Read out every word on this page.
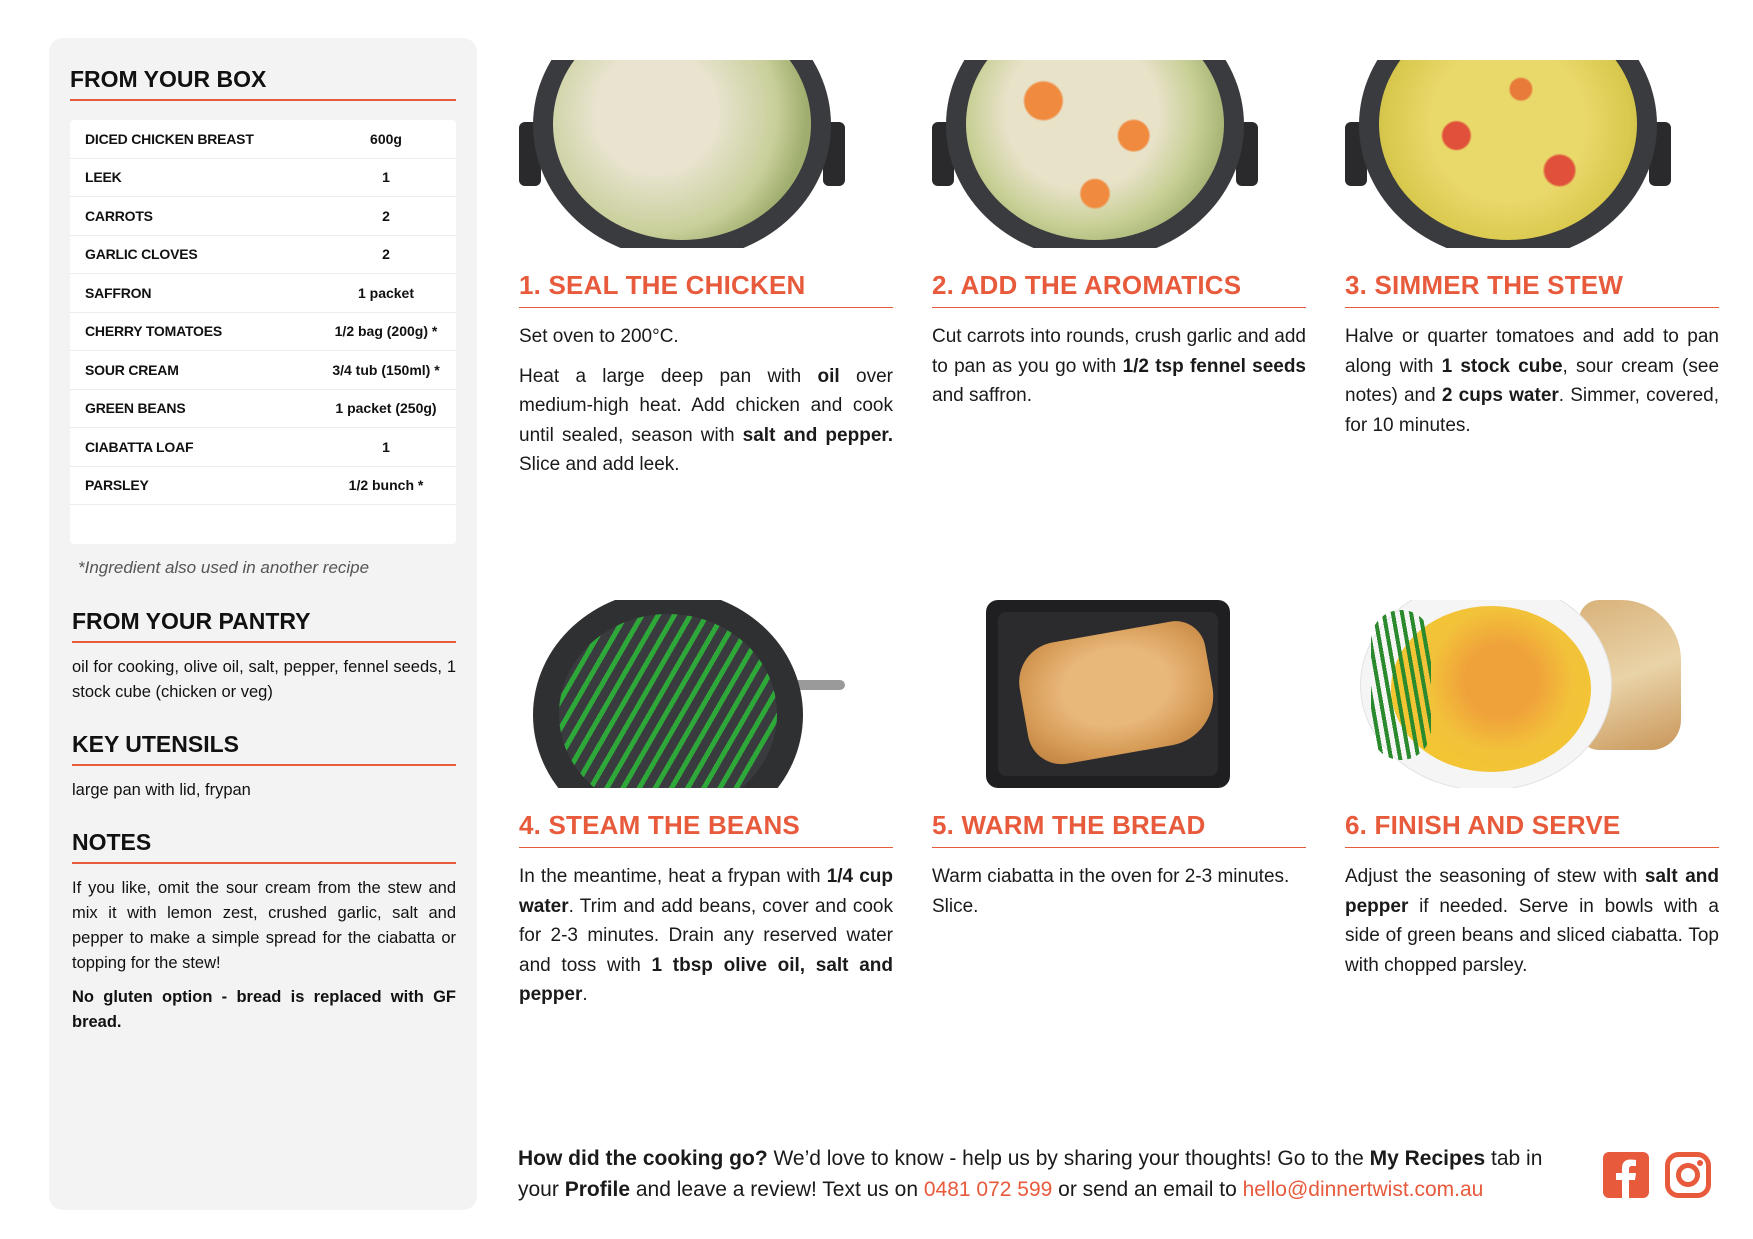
FROM YOUR BOX
DICED CHICKEN BREAST	600g
LEEK	1
CARROTS	2
GARLIC CLOVES	2
SAFFRON	1 packet
CHERRY TOMATOES	1/2 bag (200g) *
SOUR CREAM	3/4 tub (150ml) *
GREEN BEANS	1 packet (250g)
CIABATTA LOAF	1
PARSLEY	1/2 bunch *
*Ingredient also used in another recipe
FROM YOUR PANTRY
oil for cooking, olive oil, salt, pepper, fennel seeds, 1 stock cube (chicken or veg)
KEY UTENSILS
large pan with lid, frypan
NOTES
If you like, omit the sour cream from the stew and mix it with lemon zest, crushed garlic, salt and pepper to make a simple spread for the ciabatta or topping for the stew!
No gluten option - bread is replaced with GF bread.
1. SEAL THE CHICKEN
Set oven to 200°C.
Heat a large deep pan with oil over medium-high heat. Add chicken and cook until sealed, season with salt and pepper. Slice and add leek.
2. ADD THE AROMATICS
Cut carrots into rounds, crush garlic and add to pan as you go with 1/2 tsp fennel seeds and saffron.
3. SIMMER THE STEW
Halve or quarter tomatoes and add to pan along with 1 stock cube, sour cream (see notes) and 2 cups water. Simmer, covered, for 10 minutes.
4. STEAM THE BEANS
In the meantime, heat a frypan with 1/4 cup water. Trim and add beans, cover and cook for 2-3 minutes. Drain any reserved water and toss with 1 tbsp olive oil, salt and pepper.
5. WARM THE BREAD
Warm ciabatta in the oven for 2-3 minutes. Slice.
6. FINISH AND SERVE
Adjust the seasoning of stew with salt and pepper if needed. Serve in bowls with a side of green beans and sliced ciabatta. Top with chopped parsley.
How did the cooking go? We’d love to know - help us by sharing your thoughts! Go to the My Recipes tab in your Profile and leave a review! Text us on 0481 072 599 or send an email to hello@dinnertwist.com.au
